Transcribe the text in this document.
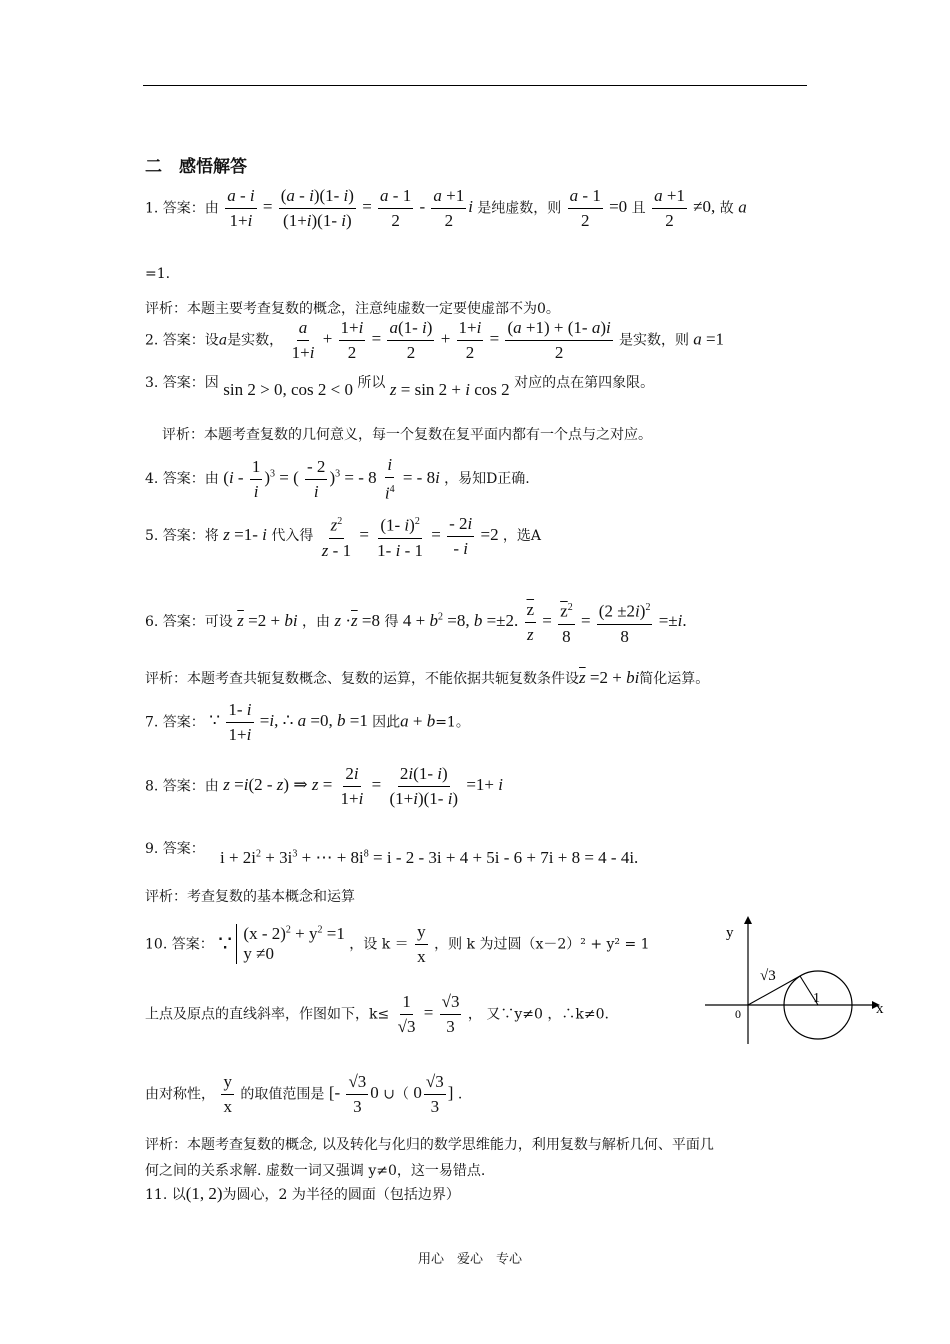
二　感悟解答
1. 答案：由 $\frac{a - i}{1+i} = \frac{(a - i)(1- i)}{(1+i)(1- i)} = \frac{a - 1}{2} - \frac{a +1}{2}$ i 是纯虚数，则 $\frac{a - 1}{2} =0$ 且 $\frac{a +1}{2} \ne 0$, 故 a
=1.
评析：本题主要考查复数的概念，注意纯虚数一定要使虚部不为0。
2. 答案：设a是实数， $\frac{a}{1+i} + \frac{1+i}{2} = \frac{a(1- i)}{2} + \frac{1+i}{2} = \frac{(a +1) + (1- a)i}{2}$ 是实数，则 a =1
3. 答案：因 sin 2 > 0, cos 2 < 0 所以 z = sin 2 + i cos 2 对应的点在第四象限。
评析：本题考查复数的几何意义，每一个复数在复平面内都有一个点与之对应。
4. 答案：由 $(i - \frac{1}{i} )^3$ = ( $\frac{- 2}{i} )^3$ = - $8 \frac{i}{i^4}$ = - 8i ，易知D正确.
5. 答案：将 z =1- i 代入得 $\frac{z^2}{z - 1} = \frac{(1- i)^2}{1- i - 1} = \frac{- 2i}{- i} =2$ ，选A
6. 答案：可设 $\overline{z} =2$ + bi ，由 $z \cdot\overline{z} =8$ 得 $4 + b^2 =8$, b =±2. $\frac{\overline{z}}{z} = \frac{\overline{z}^2}{8} = \frac{(2 \pm 2i)^2}{8} =\pm i$.
评析：本题考查共轭复数概念、复数的运算，不能依据共轭复数条件设$\overline{z} =2$ + bi简化运算。
7. 答案： ∵ $\frac{1- i}{1+i} =i$, ∴ a =0, b =1 因此a + b=1。
8. 答案：由 z =i(2 - z) ⇒ $z = \frac{2i}{1+i} = \frac{2i(1- i)}{(1+i)(1- i)} =1+ i$
9. 答案： $i + 2i^2 + 3i^3$ + ⋯ + $8i^8 = i - 2 - 3i + 4 + 5i - 6 + 7i + 8 = 4 - 4i$.
评析：考查复数的基本概念和运算
10. 答案： ∵ $(x - 2)^2 + y^2 =1$
y ≠0	，设 $k = \frac{y}{x}$ ，则 k 为过圆（x－2）² + y² = 1
上点及原点的直线斜率，作图如下，$k\le \frac{1}{√3} = \frac{√3}{3}$ ， 又∵y≠0 ，∴k≠0.
由对称性， $\frac{y}{x}$ 的取值范围是 [- $\frac{√3}{3} 0$ ∪（ $0 \frac{√3}{3}$ ] .
y
x
0
1
√3
评析：本题考查复数的概念, 以及转化与化归的数学思维能力，利用复数与解析几何、平面几
何之间的关系求解. 虚数一词又强调 y≠0，这一易错点.
11. 以(1, 2)为圆心，2 为半径的圆面（包括边界）
用心　爱心　专心
